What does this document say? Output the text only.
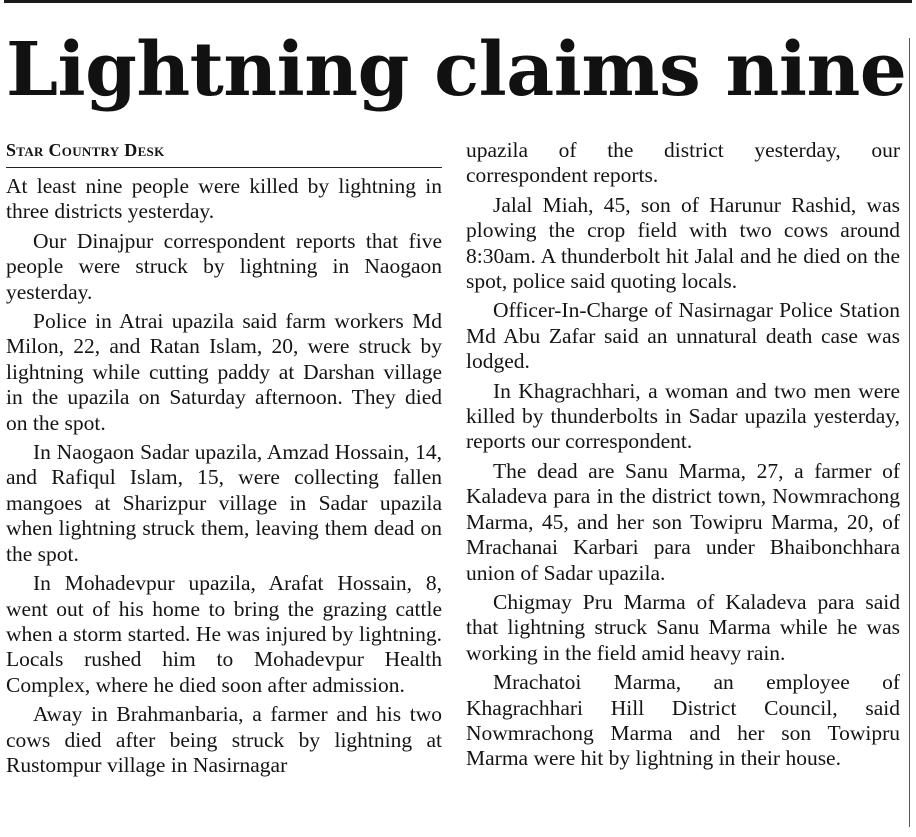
Lightning claims nine
Star Country Desk

At least nine people were killed by lightning in three districts yesterday.

Our Dinajpur correspondent reports that five people were struck by lightning in Naogaon yesterday.

Police in Atrai upazila said farm workers Md Milon, 22, and Ratan Islam, 20, were struck by lightning while cutting paddy at Darshan village in the upazila on Saturday afternoon. They died on the spot.

In Naogaon Sadar upazila, Amzad Hossain, 14, and Rafiqul Islam, 15, were collecting fallen mangoes at Sharizpur village in Sadar upazila when lightning struck them, leaving them dead on the spot.

In Mohadevpur upazila, Arafat Hossain, 8, went out of his home to bring the grazing cattle when a storm started. He was injured by lightning. Locals rushed him to Mohadevpur Health Complex, where he died soon after admission.

Away in Brahmanbaria, a farmer and his two cows died after being struck by lightning at Rustompur village in Nasirnagar

upazila of the district yesterday, our correspondent reports.

Jalal Miah, 45, son of Harunur Rashid, was plowing the crop field with two cows around 8:30am. A thunderbolt hit Jalal and he died on the spot, police said quoting locals.

Officer-In-Charge of Nasirnagar Police Station Md Abu Zafar said an unnatural death case was lodged.

In Khagrachhari, a woman and two men were killed by thunderbolts in Sadar upazila yesterday, reports our correspondent.

The dead are Sanu Marma, 27, a farmer of Kaladeva para in the district town, Nowmrachong Marma, 45, and her son Towipru Marma, 20, of Mrachanai Karbari para under Bhaibonchhara union of Sadar upazila.

Chigmay Pru Marma of Kaladeva para said that lightning struck Sanu Marma while he was working in the field amid heavy rain.

Mrachatoi Marma, an employee of Khagrachhari Hill District Council, said Nowmrachong Marma and her son Towipru Marma were hit by lightning in their house.
